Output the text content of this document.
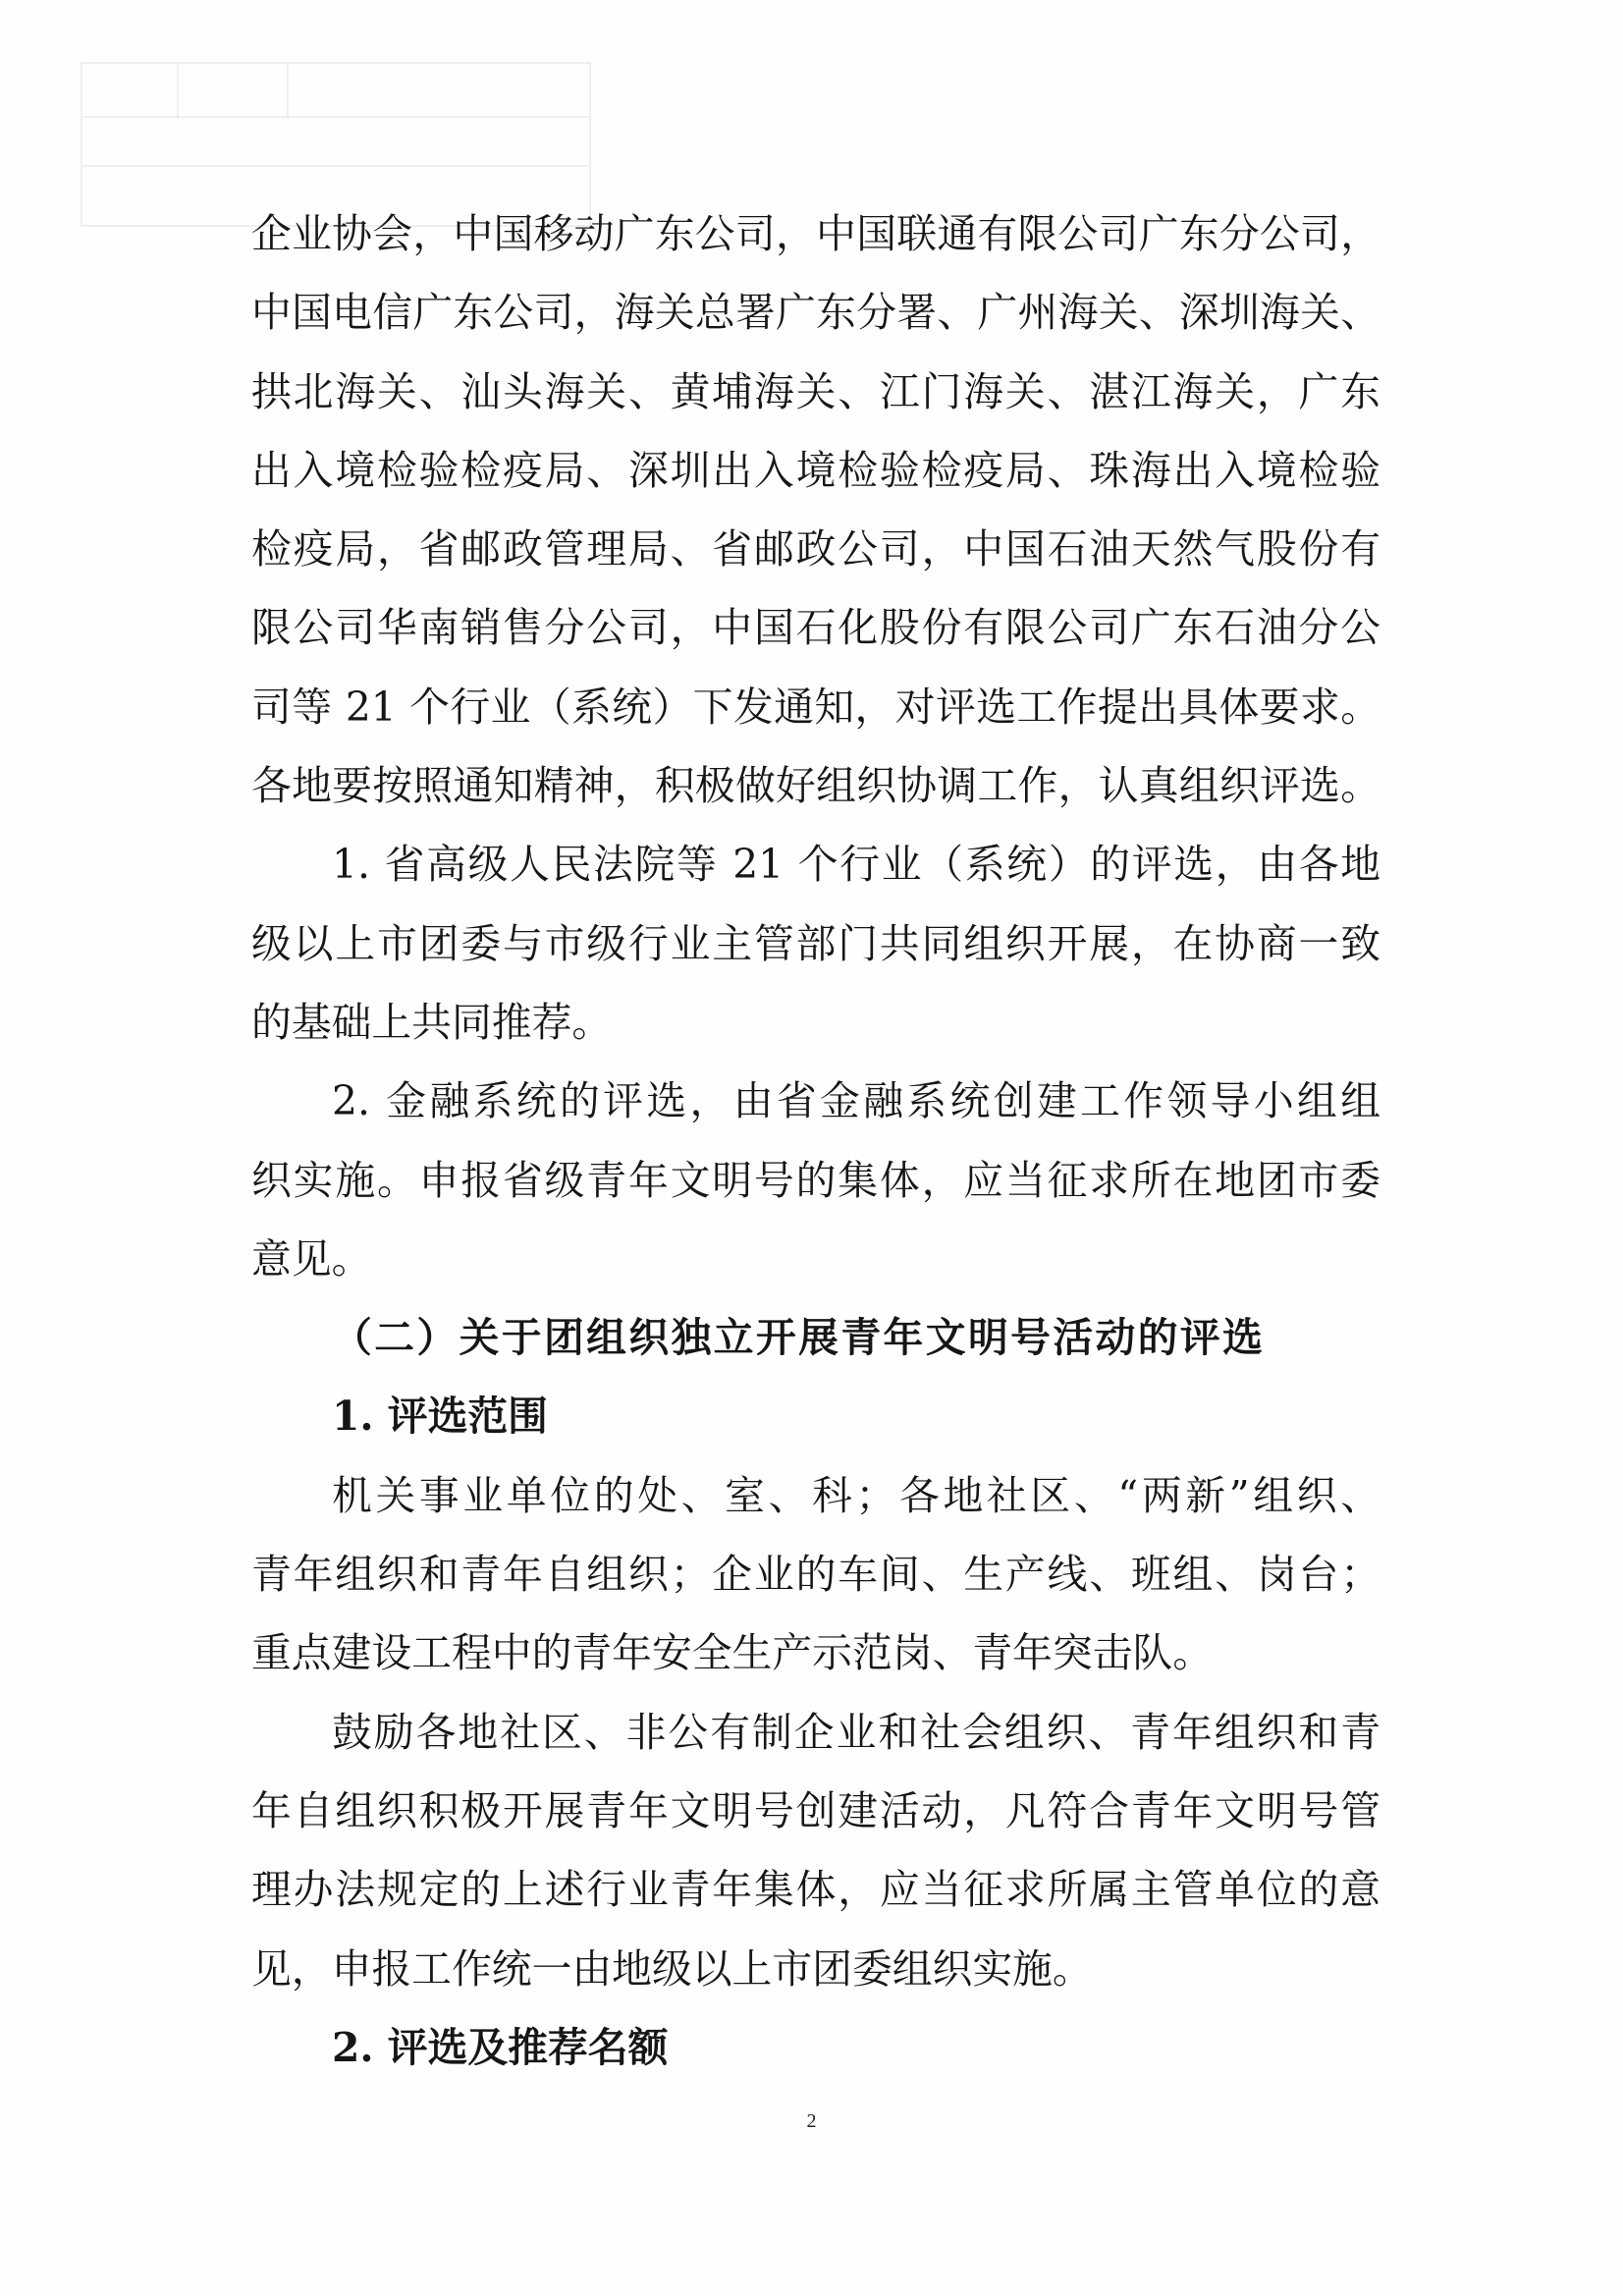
企业协会，中国移动广东公司，中国联通有限公司广东分公司，
中国电信广东公司，海关总署广东分署、广州海关、深圳海关、
拱北海关、汕头海关、黄埔海关、江门海关、湛江海关，广东
出入境检验检疫局、深圳出入境检验检疫局、珠海出入境检验
检疫局，省邮政管理局、省邮政公司，中国石油天然气股份有
限公司华南销售分公司，中国石化股份有限公司广东石油分公
司等 21 个行业（系统）下发通知，对评选工作提出具体要求。
各地要按照通知精神，积极做好组织协调工作，认真组织评选。
1. 省高级人民法院等 21 个行业（系统）的评选，由各地
级以上市团委与市级行业主管部门共同组织开展，在协商一致
的基础上共同推荐。
2. 金融系统的评选，由省金融系统创建工作领导小组组
织实施。申报省级青年文明号的集体，应当征求所在地团市委
意见。
（二）关于团组织独立开展青年文明号活动的评选
1. 评选范围
机关事业单位的处、室、科；各地社区、“两新”组织、
青年组织和青年自组织；企业的车间、生产线、班组、岗台；
重点建设工程中的青年安全生产示范岗、青年突击队。
鼓励各地社区、非公有制企业和社会组织、青年组织和青
年自组织积极开展青年文明号创建活动，凡符合青年文明号管
理办法规定的上述行业青年集体，应当征求所属主管单位的意
见，申报工作统一由地级以上市团委组织实施。
2. 评选及推荐名额
2
